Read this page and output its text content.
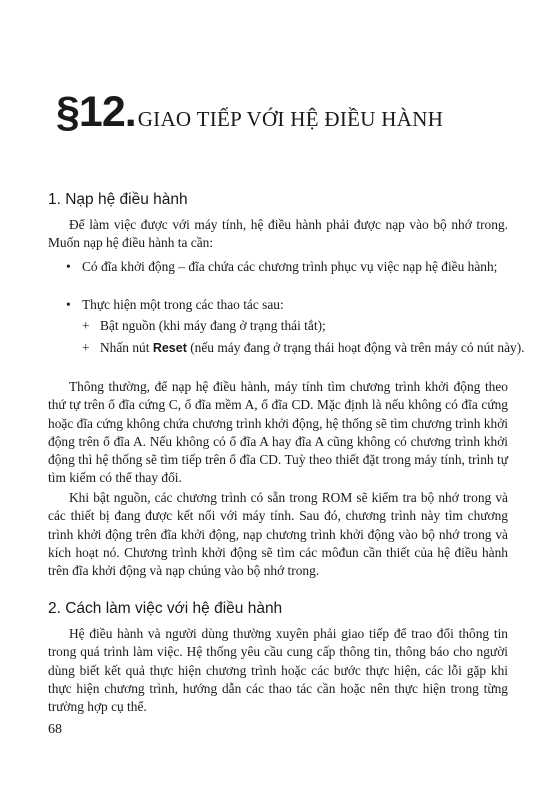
§12.GIAO TIẾP VỚI HỆ ĐIỀU HÀNH
1. Nạp hệ điều hành

Để làm việc được với máy tính, hệ điều hành phải được nạp vào bộ nhớ trong. Muốn nạp hệ điều hành ta cần:

• Có đĩa khởi động – đĩa chứa các chương trình phục vụ việc nạp hệ điều hành;

• Thực hiện một trong các thao tác sau:

+ Bật nguồn (khi máy đang ở trạng thái tắt);

+ Nhấn nút Reset (nếu máy đang ở trạng thái hoạt động và trên máy có nút này).

Thông thường, để nạp hệ điều hành, máy tính tìm chương trình khởi động theo thứ tự trên ổ đĩa cứng C, ổ đĩa mềm A, ổ đĩa CD. Mặc định là nếu không có đĩa cứng hoặc đĩa cứng không chứa chương trình khởi động, hệ thống sẽ tìm chương trình khởi động trên ổ đĩa A. Nếu không có ổ đĩa A hay đĩa A cũng không có chương trình khởi động thì hệ thống sẽ tìm tiếp trên ổ đĩa CD. Tuỳ theo thiết đặt trong máy tính, trình tự tìm kiếm có thể thay đổi.

Khi bật nguồn, các chương trình có sẵn trong ROM sẽ kiểm tra bộ nhớ trong và các thiết bị đang được kết nối với máy tính. Sau đó, chương trình này tìm chương trình khởi động trên đĩa khởi động, nạp chương trình khởi động vào bộ nhớ trong và kích hoạt nó. Chương trình khởi động sẽ tìm các môđun cần thiết của hệ điều hành trên đĩa khởi động và nạp chúng vào bộ nhớ trong.

2. Cách làm việc với hệ điều hành

Hệ điều hành và người dùng thường xuyên phải giao tiếp để trao đổi thông tin trong quá trình làm việc. Hệ thống yêu cầu cung cấp thông tin, thông báo cho người dùng biết kết quả thực hiện chương trình hoặc các bước thực hiện, các lỗi gặp khi thực hiện chương trình, hướng dẫn các thao tác cần hoặc nên thực hiện trong từng trường hợp cụ thể.

68
